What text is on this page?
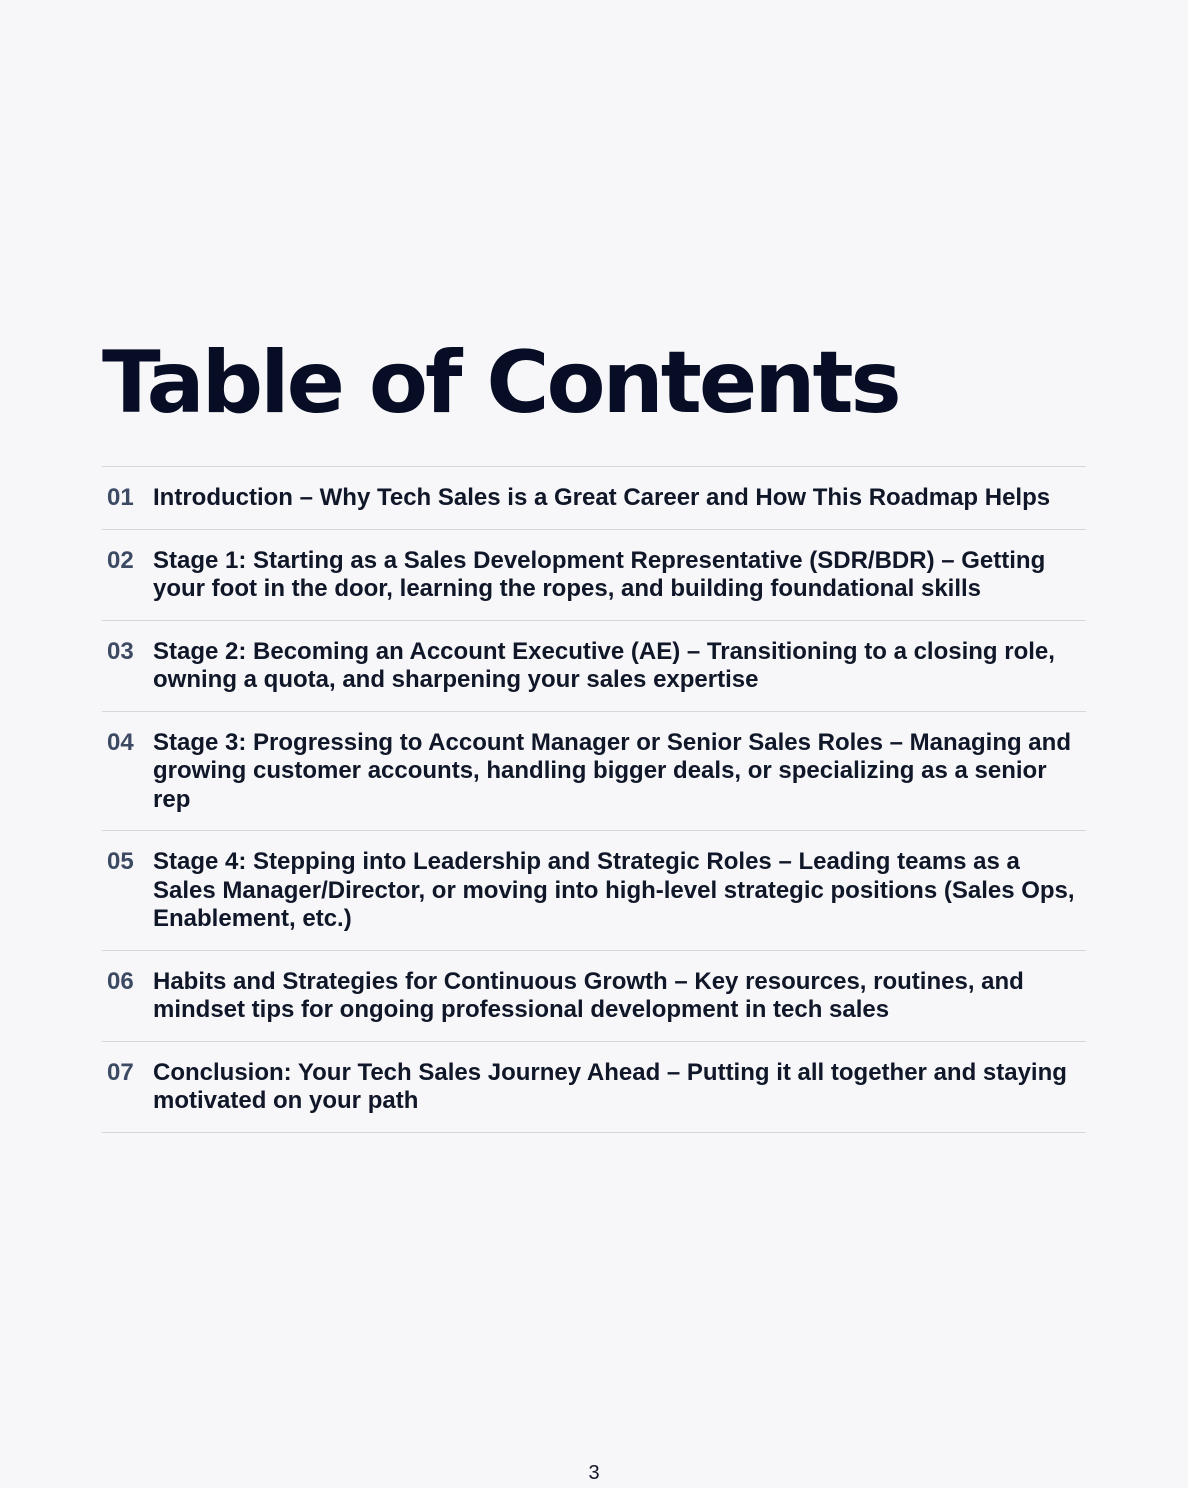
Table of Contents
01 Introduction – Why Tech Sales is a Great Career and How This Roadmap Helps
02 Stage 1: Starting as a Sales Development Representative (SDR/BDR) – Getting your foot in the door, learning the ropes, and building foundational skills
03 Stage 2: Becoming an Account Executive (AE) – Transitioning to a closing role, owning a quota, and sharpening your sales expertise
04 Stage 3: Progressing to Account Manager or Senior Sales Roles – Managing and growing customer accounts, handling bigger deals, or specializing as a senior rep
05 Stage 4: Stepping into Leadership and Strategic Roles – Leading teams as a Sales Manager/Director, or moving into high-level strategic positions (Sales Ops, Enablement, etc.)
06 Habits and Strategies for Continuous Growth – Key resources, routines, and mindset tips for ongoing professional development in tech sales
07 Conclusion: Your Tech Sales Journey Ahead – Putting it all together and staying motivated on your path
3
